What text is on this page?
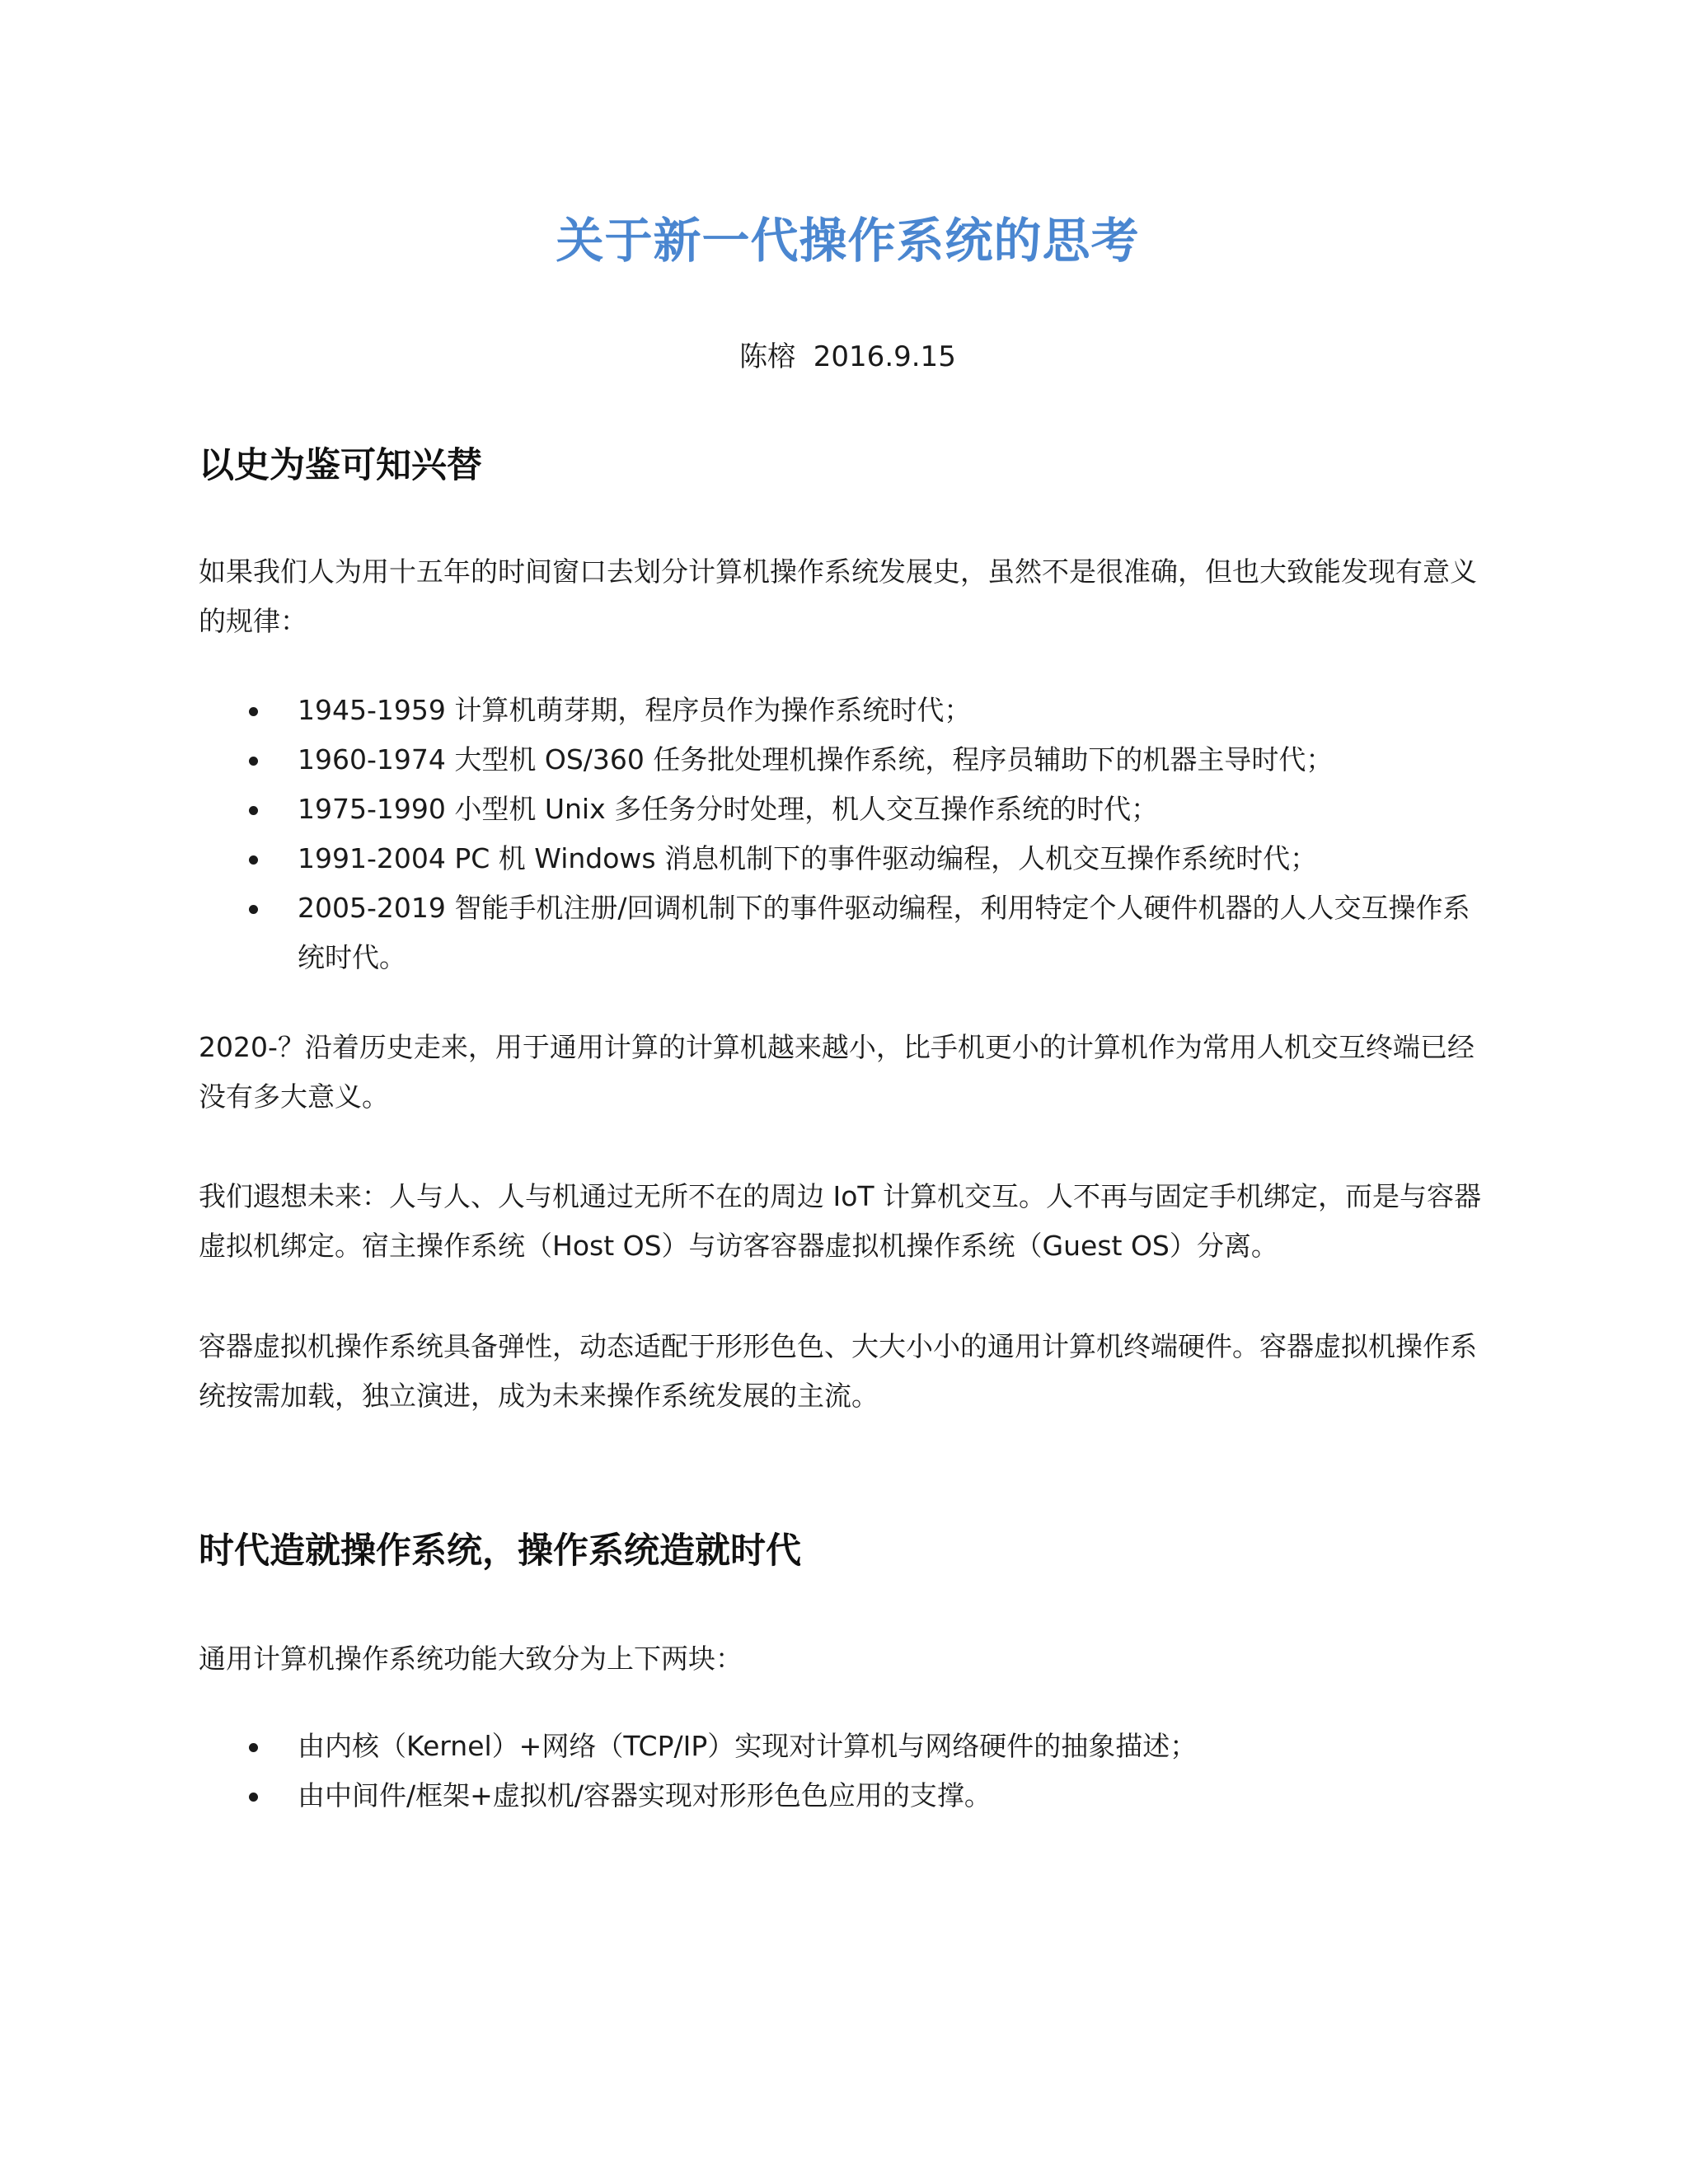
关于新一代操作系统的思考
陈榕  2016.9.15
以史为鉴可知兴替
如果我们人为用十五年的时间窗口去划分计算机操作系统发展史，虽然不是很准确，但也大致能发现有意义的规律：
1945-1959 计算机萌芽期，程序员作为操作系统时代；
1960-1974 大型机 OS/360 任务批处理机操作系统，程序员辅助下的机器主导时代；
1975-1990 小型机 Unix 多任务分时处理，机人交互操作系统的时代；
1991-2004 PC 机 Windows 消息机制下的事件驱动编程，人机交互操作系统时代；
2005-2019 智能手机注册/回调机制下的事件驱动编程，利用特定个人硬件机器的人人交互操作系统时代。
2020-？沿着历史走来，用于通用计算的计算机越来越小，比手机更小的计算机作为常用人机交互终端已经没有多大意义。
我们遐想未来：人与人、人与机通过无所不在的周边 IoT 计算机交互。人不再与固定手机绑定，而是与容器虚拟机绑定。宿主操作系统（Host OS）与访客容器虚拟机操作系统（Guest OS）分离。
容器虚拟机操作系统具备弹性，动态适配于形形色色、大大小小的通用计算机终端硬件。容器虚拟机操作系统按需加载，独立演进，成为未来操作系统发展的主流。
时代造就操作系统，操作系统造就时代
通用计算机操作系统功能大致分为上下两块：
由内核（Kernel）+网络（TCP/IP）实现对计算机与网络硬件的抽象描述；
由中间件/框架+虚拟机/容器实现对形形色色应用的支撑。
